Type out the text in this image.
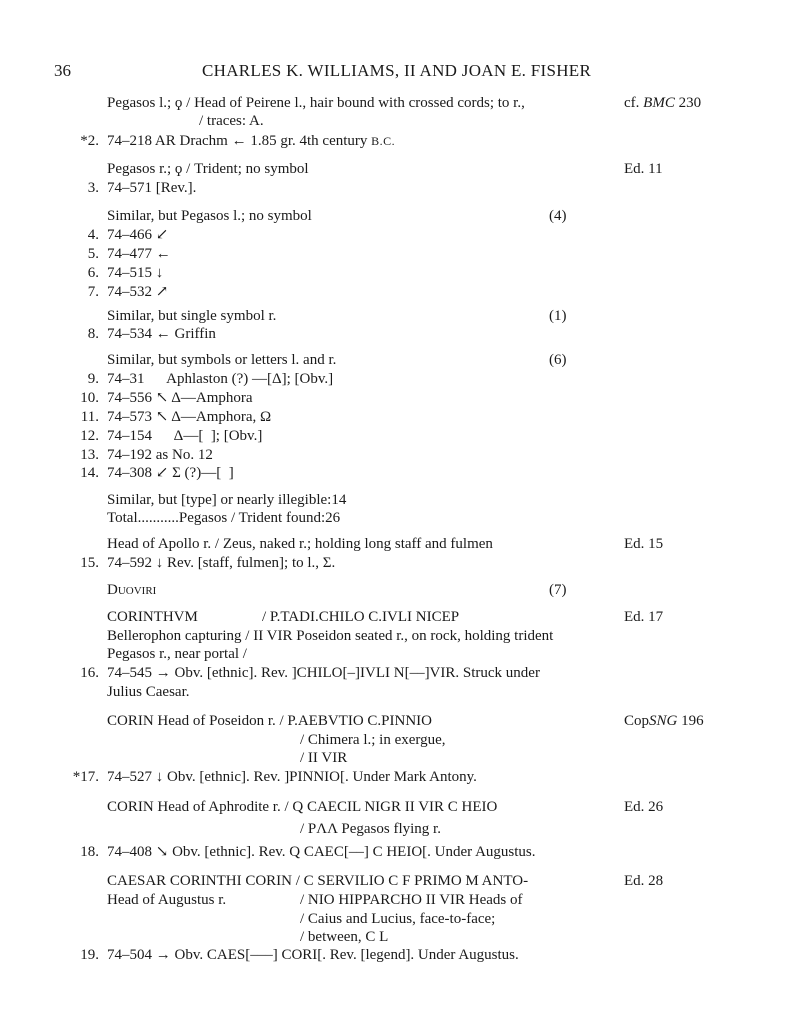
36	CHARLES K. WILLIAMS, II AND JOAN E. FISHER
Pegasos l.; ϙ / Head of Peirene l., hair bound with crossed cords; to r.,	cf. BMC 230
/ traces: A.
*2. 74–218 AR Drachm ← 1.85 gr. 4th century B.C.
Pegasos r.; ϙ / Trident; no symbol	Ed. 11
3. 74–571 [Rev.].
Similar, but Pegasos l.; no symbol	(4)
4. 74–466 ↙
5. 74–477 ←
6. 74–515 ↓
7. 74–532 ↗
Similar, but single symbol r.	(1)
8. 74–534 ← Griffin
Similar, but symbols or letters l. and r.	(6)
9. 74–31      Aphlaston (?) —[Δ]; [Obv.]
10. 74–556 ↖ Δ—Amphora
11. 74–573 ↖ Δ—Amphora, Ω
12. 74–154      Δ—[  ]; [Obv.]
13. 74–192 as No. 12
14. 74–308 ↙ Σ (?)—[  ]
Similar, but [type] or nearly illegible:14
Total...........Pegasos / Trident found:26
Head of Apollo r. / Zeus, naked r.; holding long staff and fulmen	Ed. 15
15. 74–592 ↓ Rev. [staff, fulmen]; to l., Σ.
Duoviri	(7)
CORINTHVM	/ P.TADI.CHILO C.IVLI NICEP	Ed. 17
Bellerophon capturing / II VIR Poseidon seated r., on rock, holding trident
Pegasos r., near portal /
16. 74–545 → Obv. [ethnic]. Rev. ]CHILO[–]IVLI N[––]VIR. Struck under
Julius Caesar.
CORIN Head of Poseidon r. / P.AEBVTIO C.PINNIO	CopSNG 196
/ Chimera l.; in exergue,
/ II VIR
*17. 74–527 ↓ Obv. [ethnic]. Rev. ]PINNIO[. Under Mark Antony.
CORIN Head of Aphrodite r. / Q CAECIL NIGR II VIR C HEIO	Ed. 26
/ PΛΛ Pegasos flying r.
18. 74–408 ↘ Obv. [ethnic]. Rev. Q CAEC[––] C HEIO[. Under Augustus.
CAESAR CORINTHI CORIN / C SERVILIO C F PRIMO M ANTO-	Ed. 28
Head of Augustus r.	/ NIO HIPPARCHO II VIR Heads of
/ Caius and Lucius, face-to-face;
/ between, C L
19. 74–504 → Obv. CAES[–––] CORI[. Rev. [legend]. Under Augustus.
